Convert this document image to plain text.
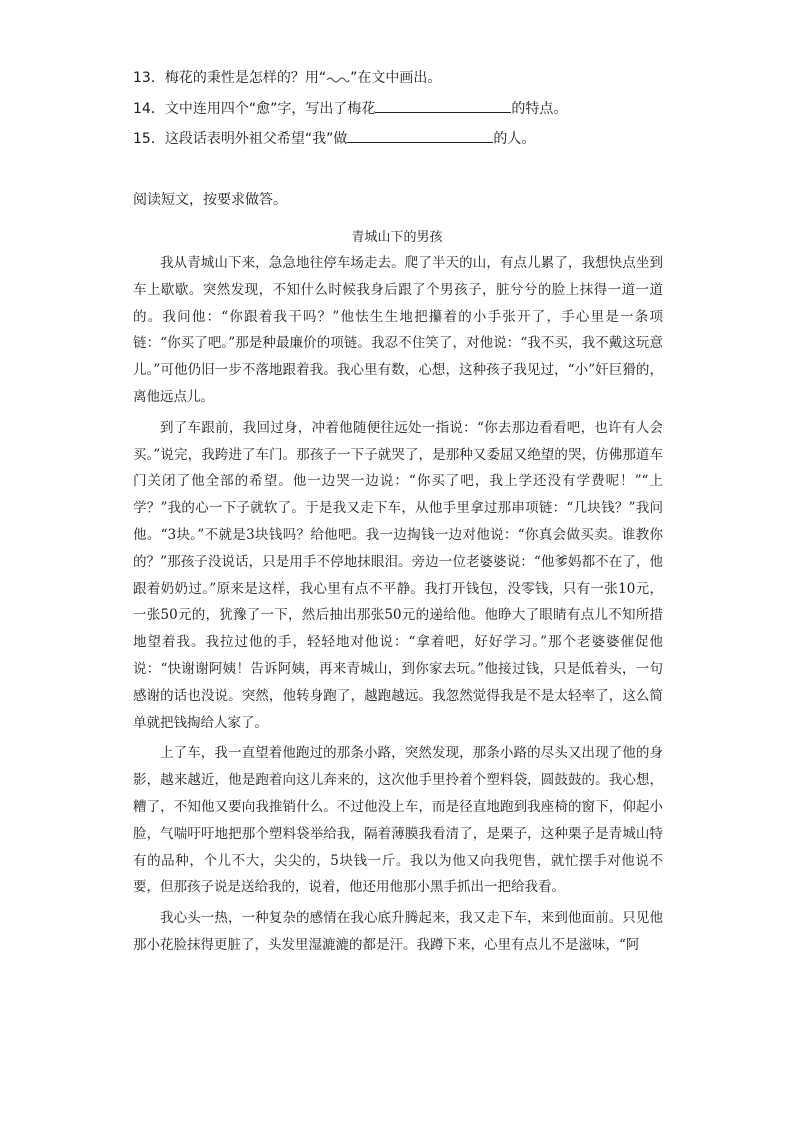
13．梅花的秉性是怎样的？用“ ”在文中画出。
14．文中连用四个“愈”字，写出了梅花	的特点。
15．这段话表明外祖父希望“我”做	的人。
阅读短文，按要求做答。
青城山下的男孩

我从青城山下来，急急地往停车场走去。爬了半天的山，有点儿累了，我想快点坐到车上歇歇。突然发现，不知什么时候我身后跟了个男孩子，脏兮兮的脸上抹得一道一道的。我问他：“你跟着我干吗？”他怯生生地把攥着的小手张开了，手心里是一条项链：“你买了吧。”那是种最廉价的项链。我忍不住笑了，对他说：“我不买，我不戴这玩意儿。”可他仍旧一步不落地跟着我。我心里有数，心想，这种孩子我见过，“小”奸巨猾的，离他远点儿。

到了车跟前，我回过身，冲着他随便往远处一指说：“你去那边看看吧，也许有人会买。”说完，我跨进了车门。那孩子一下子就哭了，是那种又委屈又绝望的哭，仿佛那道车门关闭了他全部的希望。他一边哭一边说：“你买了吧，我上学还没有学费呢！”“上学？”我的心一下子就软了。于是我又走下车，从他手里拿过那串项链：“几块钱？”我问他。“3块。”不就是3块钱吗？给他吧。我一边掏钱一边对他说：“你真会做买卖。谁教你的？”那孩子没说话，只是用手不停地抹眼泪。旁边一位老婆婆说：“他爹妈都不在了，他跟着奶奶过。”原来是这样，我心里有点不平静。我打开钱包，没零钱，只有一张10元，一张50元的，犹豫了一下，然后抽出那张50元的递给他。他睁大了眼睛有点儿不知所措地望着我。我拉过他的手，轻轻地对他说：“拿着吧，好好学习。”那个老婆婆催促他说：“快谢谢阿姨！告诉阿姨，再来青城山，到你家去玩。”他接过钱，只是低着头，一句感谢的话也没说。突然，他转身跑了，越跑越远。我忽然觉得我是不是太轻率了，这么简单就把钱掏给人家了。

上了车，我一直望着他跑过的那条小路，突然发现，那条小路的尽头又出现了他的身影，越来越近，他是跑着向这儿奔来的，这次他手里拎着个塑料袋，圆鼓鼓的。我心想，糟了，不知他又要向我推销什么。不过他没上车，而是径直地跑到我座椅的窗下，仰起小脸，气喘吁吁地把那个塑料袋举给我，隔着薄膜我看清了，是栗子，这种栗子是青城山特有的品种，个儿不大，尖尖的，5块钱一斤。我以为他又向我兜售，就忙摆手对他说不要，但那孩子说是送给我的，说着，他还用他那小黑手抓出一把给我看。

我心头一热，一种复杂的感情在我心底升腾起来，我又走下车，来到他面前。只见他那小花脸抹得更脏了，头发里湿漉漉的都是汗。我蹲下来，心里有点儿不是滋味，“阿
